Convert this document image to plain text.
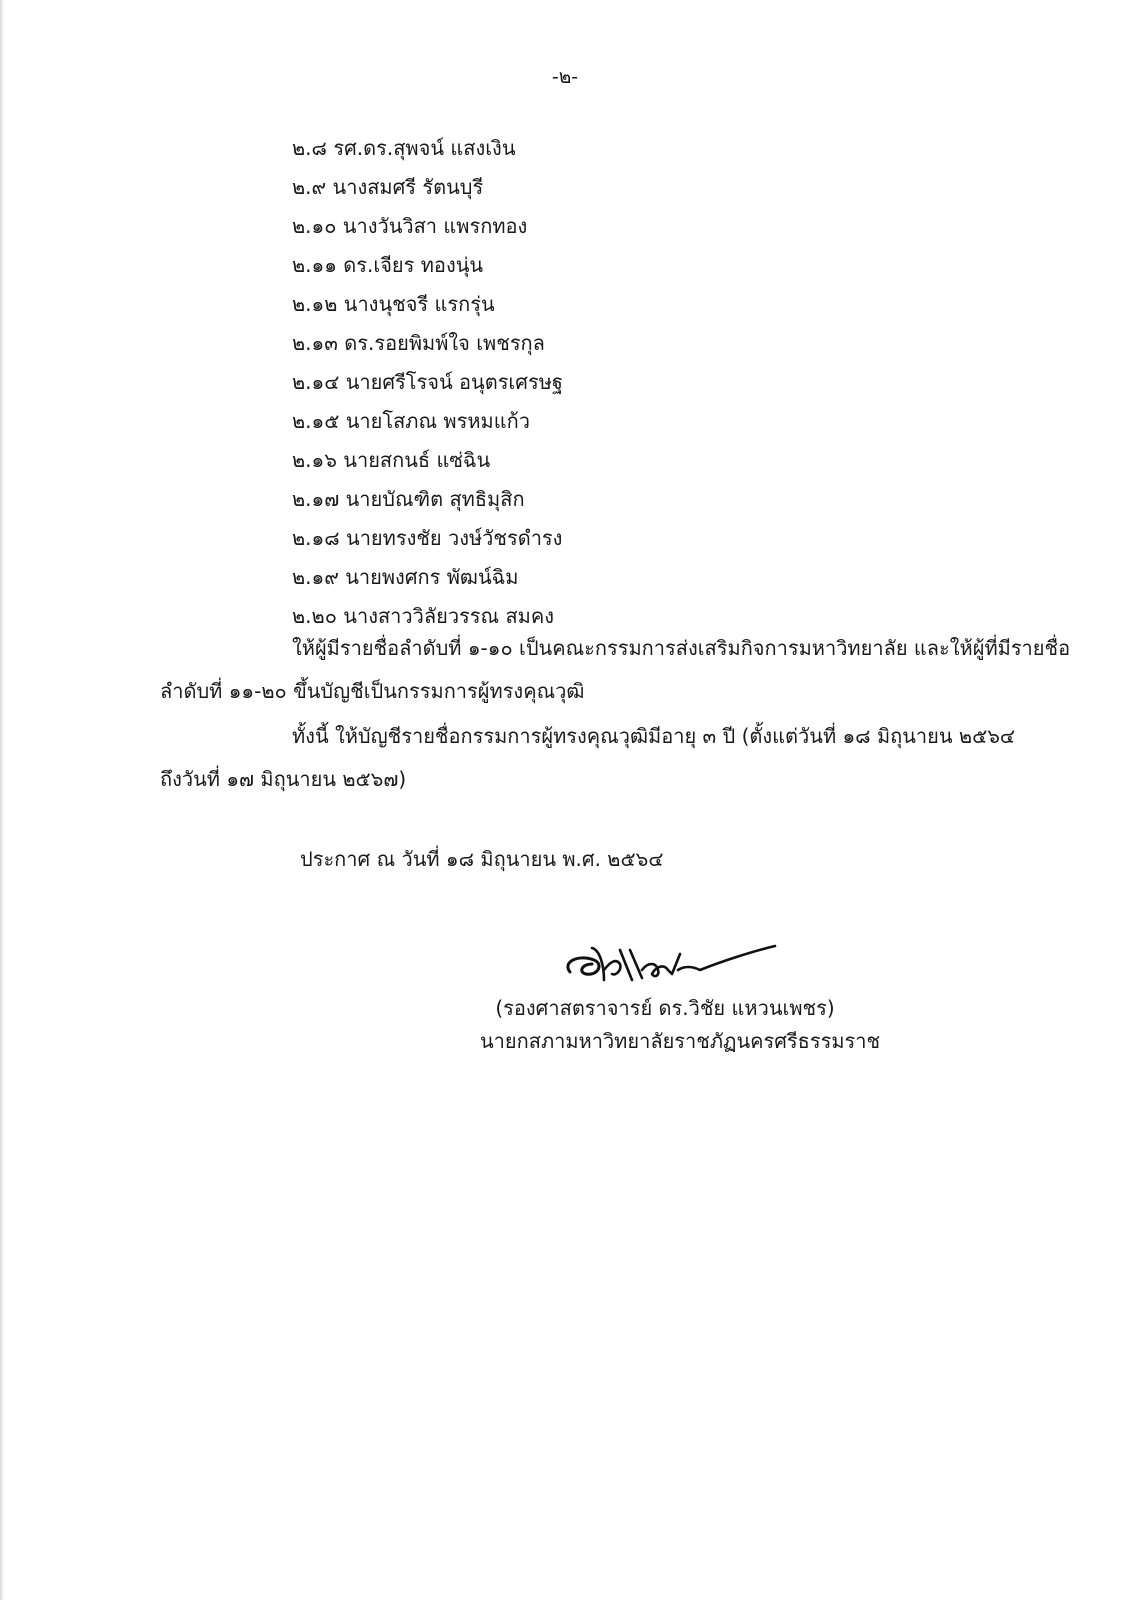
-๒-
๒.๘ รศ.ดร.สุพจน์ แสงเงิน
๒.๙ นางสมศรี รัตนบุรี
๒.๑๐ นางวันวิสา แพรกทอง
๒.๑๑ ดร.เจียร ทองนุ่น
๒.๑๒ นางนุชจรี แรกรุ่น
๒.๑๓ ดร.รอยพิมพ์ใจ เพชรกุล
๒.๑๔ นายศรีโรจน์ อนุตรเศรษฐ
๒.๑๕ นายโสภณ พรหมแก้ว
๒.๑๖ นายสกนธ์ แซ่ฉิน
๒.๑๗ นายบัณฑิต สุทธิมุสิก
๒.๑๘ นายทรงชัย วงษ์วัชรดำรง
๒.๑๙ นายพงศกร พัฒน์ฉิม
๒.๒๐ นางสาววิลัยวรรณ สมคง
ให้ผู้มีรายชื่อลำดับที่ ๑-๑๐ เป็นคณะกรรมการส่งเสริมกิจการมหาวิทยาลัย และให้ผู้ที่มีรายชื่อ
ลำดับที่ ๑๑-๒๐ ขึ้นบัญชีเป็นกรรมการผู้ทรงคุณวุฒิ
ทั้งนี้ ให้บัญชีรายชื่อกรรมการผู้ทรงคุณวุฒิมีอายุ ๓ ปี (ตั้งแต่วันที่ ๑๘ มิถุนายน ๒๕๖๔
ถึงวันที่ ๑๗ มิถุนายน ๒๕๖๗)
ประกาศ ณ วันที่ ๑๘ มิถุนายน พ.ศ. ๒๕๖๔
(รองศาสตราจารย์ ดร.วิชัย แหวนเพชร)
นายกสภามหาวิทยาลัยราชภัฏนครศรีธรรมราช
